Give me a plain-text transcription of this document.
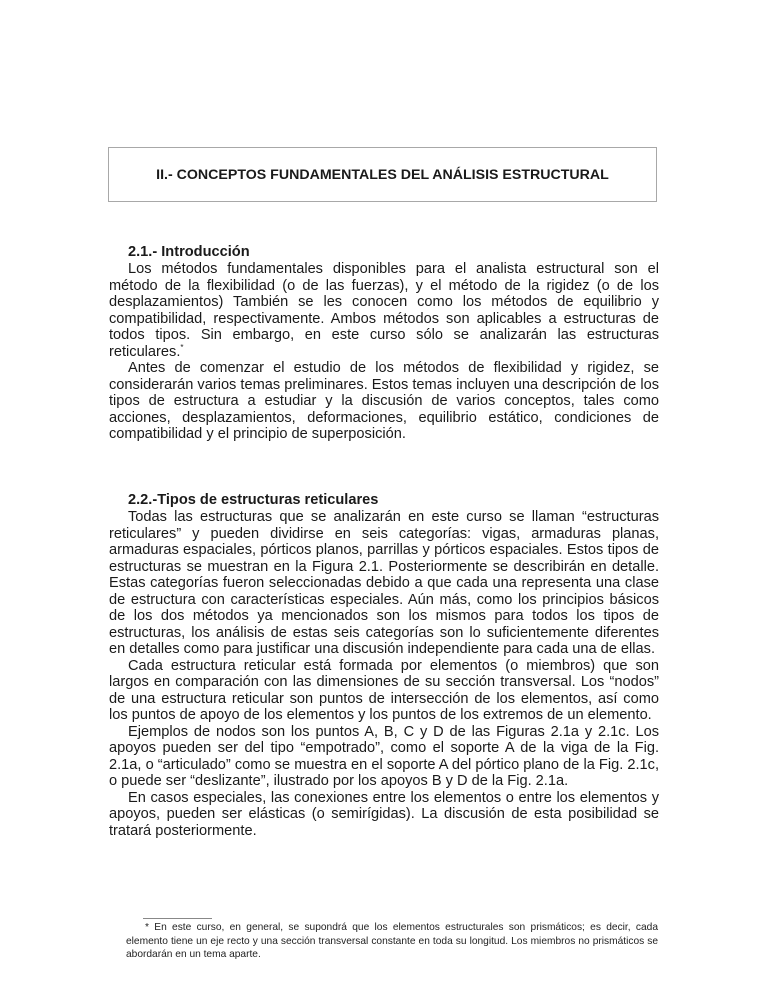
II.- CONCEPTOS FUNDAMENTALES DEL ANÁLISIS ESTRUCTURAL
2.1.- Introducción

Los métodos fundamentales disponibles para el analista estructural son el método de la flexibilidad (o de las fuerzas), y el método de la rigidez (o de los desplazamientos) También se les conocen como los métodos de equilibrio y compatibilidad, respectivamente. Ambos métodos son aplicables a estructuras de todos tipos. Sin embargo, en este curso sólo se analizarán las estructuras reticulares.*

Antes de comenzar el estudio de los métodos de flexibilidad y rigidez, se considerarán varios temas preliminares. Estos temas incluyen una descripción de los tipos de estructura a estudiar y la discusión de varios conceptos, tales como acciones, desplazamientos, deformaciones, equilibrio estático, condiciones de compatibilidad y el principio de superposición.

2.2.-Tipos de estructuras reticulares

Todas las estructuras que se analizarán en este curso se llaman “estructuras reticulares” y pueden dividirse en seis categorías: vigas, armaduras planas, armaduras espaciales, pórticos planos, parrillas y pórticos espaciales. Estos tipos de estructuras se muestran en la Figura 2.1. Posteriormente se describirán en detalle. Estas categorías fueron seleccionadas debido a que cada una representa una clase de estructura con características especiales. Aún más, como los principios básicos de los dos métodos ya mencionados son los mismos para todos los tipos de estructuras, los análisis de estas seis categorías son lo suficientemente diferentes en detalles como para justificar una discusión independiente para cada una de ellas.

Cada estructura reticular está formada por elementos (o miembros) que son largos en comparación con las dimensiones de su sección transversal. Los “nodos” de una estructura reticular son puntos de intersección de los elementos, así como los puntos de apoyo de los elementos y los puntos de los extremos de un elemento.

Ejemplos de nodos son los puntos A, B, C y D de las Figuras 2.1a y 2.1c. Los apoyos pueden ser del tipo “empotrado”, como el soporte A de la viga de la Fig. 2.1a, o “articulado” como se muestra en el soporte A del pórtico plano de la Fig. 2.1c, o puede ser “deslizante”, ilustrado por los apoyos B y D de la Fig. 2.1a.

En casos especiales, las conexiones entre los elementos o entre los elementos y apoyos, pueden ser elásticas (o semirígidas). La discusión de esta posibilidad se tratará posteriormente.

* En este curso, en general, se supondrá que los elementos estructurales son prismáticos; es decir, cada elemento tiene un eje recto y una sección transversal constante en toda su longitud. Los miembros no prismáticos se abordarán en un tema aparte.
